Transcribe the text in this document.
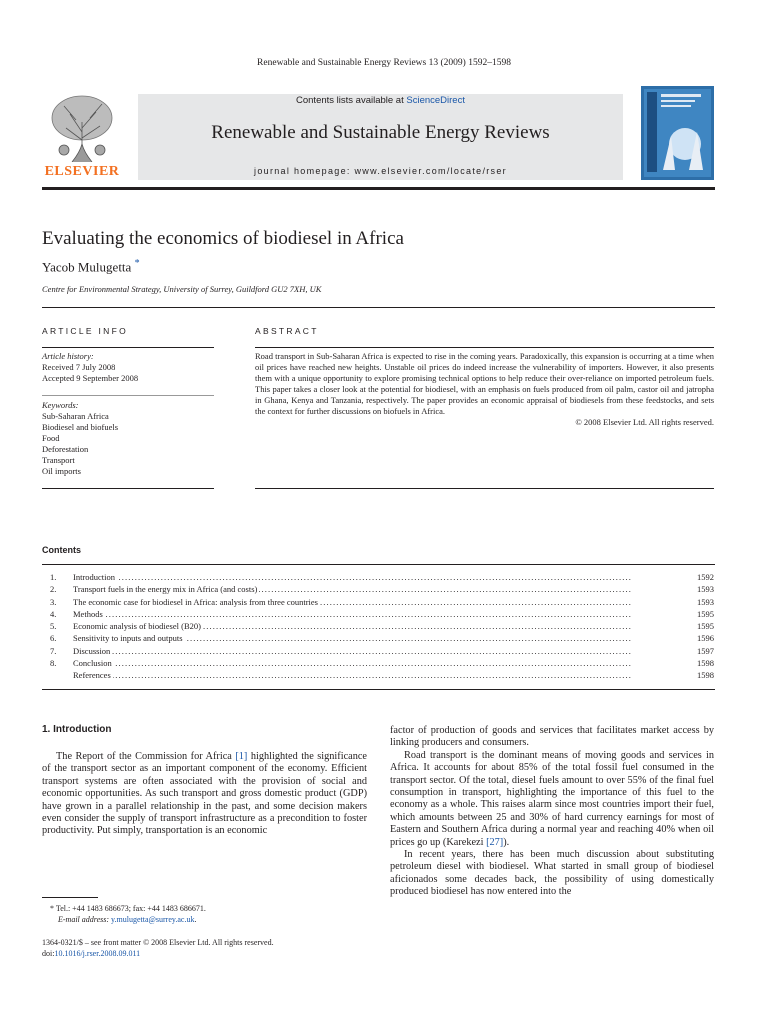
Renewable and Sustainable Energy Reviews 13 (2009) 1592–1598
Contents lists available at ScienceDirect
Renewable and Sustainable Energy Reviews
journal homepage: www.elsevier.com/locate/rser
ELSEVIER
Evaluating the economics of biodiesel in Africa
Yacob Mulugetta *
Centre for Environmental Strategy, University of Surrey, Guildford GU2 7XH, UK
ARTICLE INFO
Article history:
Received 7 July 2008
Accepted 9 September 2008
Keywords:
Sub-Saharan Africa
Biodiesel and biofuels
Food
Deforestation
Transport
Oil imports
ABSTRACT
Road transport in Sub-Saharan Africa is expected to rise in the coming years. Paradoxically, this expansion is occurring at a time when oil prices have reached new heights. Unstable oil prices do indeed increase the vulnerability of importers. However, it also presents them with a unique opportunity to explore promising technical options to help reduce their over-reliance on imported petroleum fuels. This paper takes a closer look at the potential for biodiesel, with an emphasis on fuels produced from oil palm, castor oil and jatropha in Ghana, Kenya and Tanzania, respectively. The paper provides an economic appraisal of biodiesels from these feedstocks, and sets the context for further discussions on biofuels in Africa.
© 2008 Elsevier Ltd. All rights reserved.
Contents
1.	Introduction . . .	1592
2.	Transport fuels in the energy mix in Africa (and costs) . . .	1593
3.	The economic case for biodiesel in Africa: analysis from three countries . . .	1593
4.	Methods . . .	1595
5.	Economic analysis of biodiesel (B20) . . .	1595
6.	Sensitivity to inputs and outputs . . .	1596
7.	Discussion . . .	1597
8.	Conclusion . . .	1598
References . . .	1598
1. Introduction

The Report of the Commission for Africa [1] highlighted the significance of the transport sector as an important component of the economy. Efficient transport systems are often associated with the provision of social and economic opportunities. As such transport and gross domestic product (GDP) have grown in a parallel relationship in the past, and some decision makers even consider the supply of transport infrastructure as a precondition to foster productivity. Put simply, transportation is an economic

factor of production of goods and services that facilitates market access by linking producers and consumers.

Road transport is the dominant means of moving goods and services in Africa. It accounts for about 85% of the total fossil fuel consumed in the transport sector. Of the total, diesel fuels amount to over 55% of the final fuel consumption in transport, highlighting the importance of this fuel to the economy as a whole. This raises alarm since most countries import their fuel, which amounts between 25 and 30% of hard currency earnings for most of Eastern and Southern Africa during a normal year and reaching 40% when oil prices go up (Karekezi [27]).

In recent years, there has been much discussion about substituting petroleum diesel with biodiesel. What started in small group of biodiesel aficionados some decades back, the possibility of using domestically produced biodiesel has now entered into the

* Tel.: +44 1483 686673; fax: +44 1483 686671.
E-mail address: y.mulugetta@surrey.ac.uk.
1364-0321/$ – see front matter © 2008 Elsevier Ltd. All rights reserved.
doi:10.1016/j.rser.2008.09.011
